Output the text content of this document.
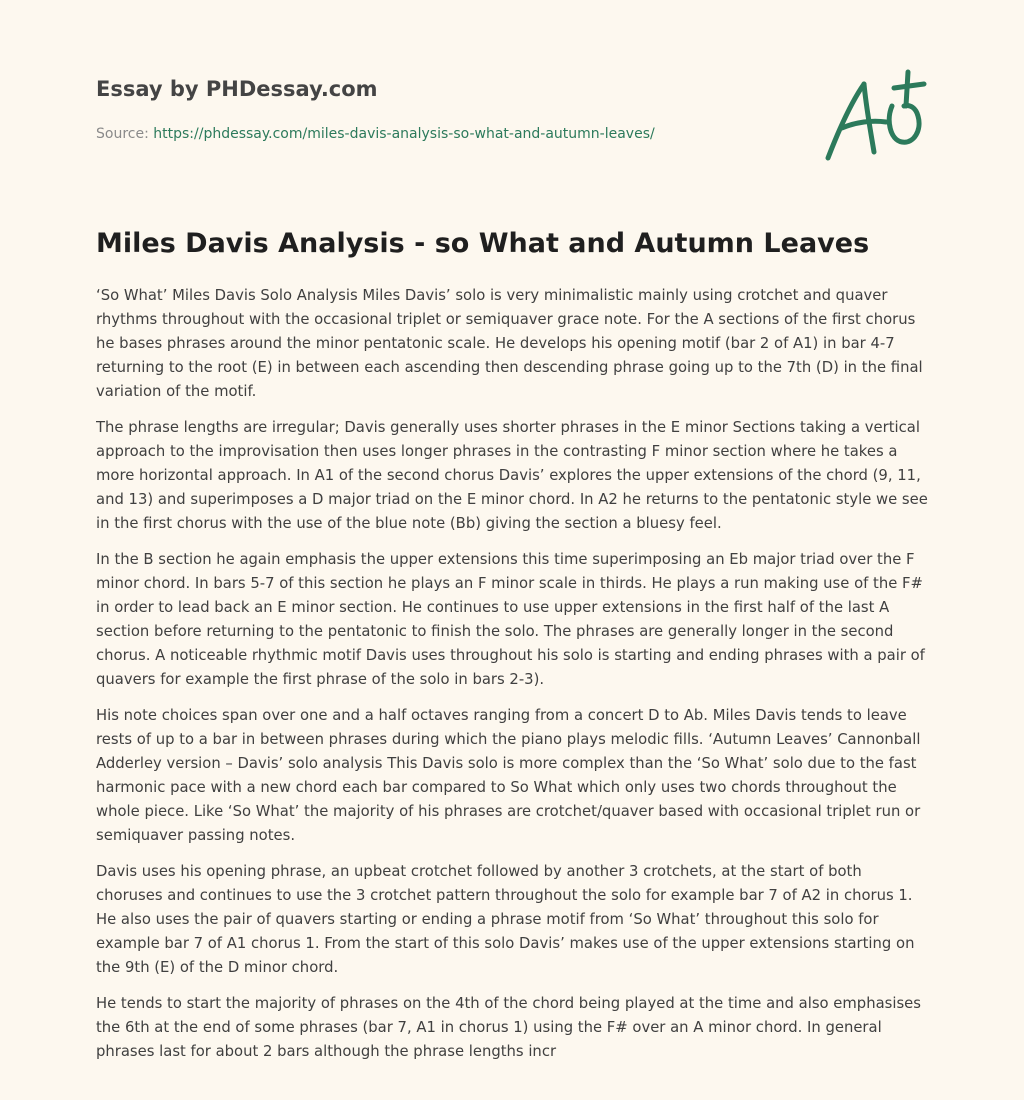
Essay by PHDessay.com
Source: https://phdessay.com/miles-davis-analysis-so-what-and-autumn-leaves/
Miles Davis Analysis - so What and Autumn Leaves

‘So What’ Miles Davis Solo Analysis Miles Davis’ solo is very minimalistic mainly using crotchet and quaver rhythms throughout with the occasional triplet or semiquaver grace note. For the A sections of the first chorus he bases phrases around the minor pentatonic scale. He develops his opening motif (bar 2 of A1) in bar 4-7 returning to the root (E) in between each ascending then descending phrase going up to the 7th (D) in the final variation of the motif.

The phrase lengths are irregular; Davis generally uses shorter phrases in the E minor Sections taking a vertical approach to the improvisation then uses longer phrases in the contrasting F minor section where he takes a more horizontal approach. In A1 of the second chorus Davis’ explores the upper extensions of the chord (9, 11, and 13) and superimposes a D major triad on the E minor chord. In A2 he returns to the pentatonic style we see in the first chorus with the use of the blue note (Bb) giving the section a bluesy feel.

In the B section he again emphasis the upper extensions this time superimposing an Eb major triad over the F minor chord. In bars 5-7 of this section he plays an F minor scale in thirds. He plays a run making use of the F# in order to lead back an E minor section. He continues to use upper extensions in the first half of the last A section before returning to the pentatonic to finish the solo. The phrases are generally longer in the second chorus. A noticeable rhythmic motif Davis uses throughout his solo is starting and ending phrases with a pair of quavers for example the first phrase of the solo in bars 2-3).

His note choices span over one and a half octaves ranging from a concert D to Ab. Miles Davis tends to leave rests of up to a bar in between phrases during which the piano plays melodic fills. ‘Autumn Leaves’ Cannonball Adderley version – Davis’ solo analysis This Davis solo is more complex than the ‘So What’ solo due to the fast harmonic pace with a new chord each bar compared to So What which only uses two chords throughout the whole piece. Like ‘So What’ the majority of his phrases are crotchet/quaver based with occasional triplet run or semiquaver passing notes.

Davis uses his opening phrase, an upbeat crotchet followed by another 3 crotchets, at the start of both choruses and continues to use the 3 crotchet pattern throughout the solo for example bar 7 of A2 in chorus 1. He also uses the pair of quavers starting or ending a phrase motif from ‘So What’ throughout this solo for example bar 7 of A1 chorus 1. From the start of this solo Davis’ makes use of the upper extensions starting on the 9th (E) of the D minor chord.

He tends to start the majority of phrases on the 4th of the chord being played at the time and also emphasises the 6th at the end of some phrases (bar 7, A1 in chorus 1) using the F# over an A minor chord. In general phrases last for about 2 bars although the phrase lengths incr
